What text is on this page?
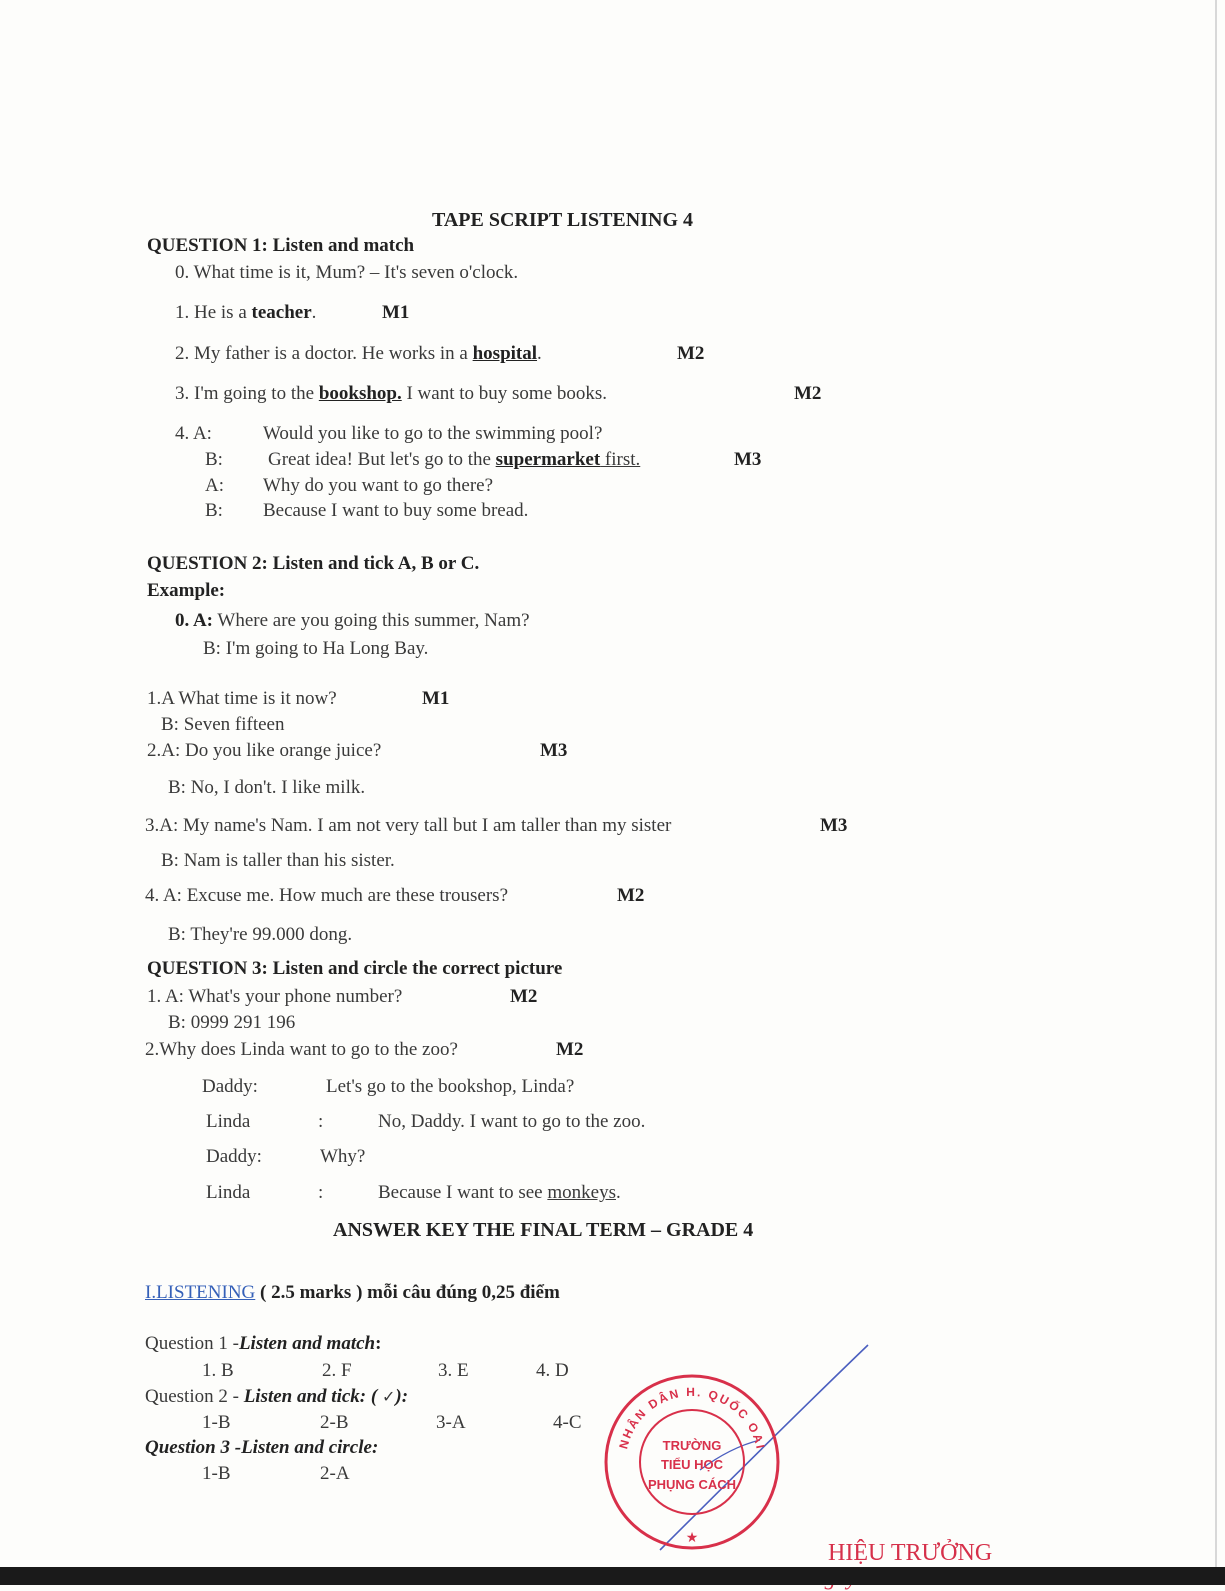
TAPE SCRIPT LISTENING 4
QUESTION 1: Listen and match
0. What time is it, Mum? – It's seven o'clock.
1. He is a teacher.	M1
2. My father is a doctor. He works in a hospital.	M2
3. I'm going to the bookshop. I want to buy some books.	M2
4. A:	Would you like to go to the swimming pool?
B: Great idea! But let's go to the supermarket first.	M3
A: Why do you want to go there?
B: Because I want to buy some bread.
QUESTION 2: Listen and tick A, B or C.
Example:
0. A: Where are you going this summer, Nam?
B: I'm going to Ha Long Bay.
1.A What time is it now?	M1
B: Seven fifteen
2.A: Do you like orange juice?	M3
B: No, I don't. I like milk.
3.A: My name's Nam. I am not very tall but I am taller than my sister	M3
B: Nam is taller than his sister.
4. A: Excuse me. How much are these trousers?	M2
B: They're 99.000 dong.
QUESTION 3: Listen and circle the correct picture
1. A: What's your phone number?	M2
B: 0999 291 196
2.Why does Linda want to go to the zoo?	M2
Daddy:	Let's go to the bookshop, Linda?
Linda	:	No, Daddy. I want to go to the zoo.
Daddy:	Why?
Linda	:	Because I want to see monkeys.
ANSWER KEY THE FINAL TERM – GRADE 4
I.LISTENING ( 2.5 marks ) mỗi câu đúng 0,25 điểm
Question 1 -Listen and match:
1. B	2. F	3. E	4. D
Question 2 - Listen and tick: ( ✓):
1-B	2-B	3-A	4-C
Question 3 -Listen and circle:
1-B	2-A
NHÂN DÂN H. QUỐC OAI
TRƯỜNG
TIỂU HỌC
PHỤNG CÁCH
★
HIỆU TRƯỞNG
